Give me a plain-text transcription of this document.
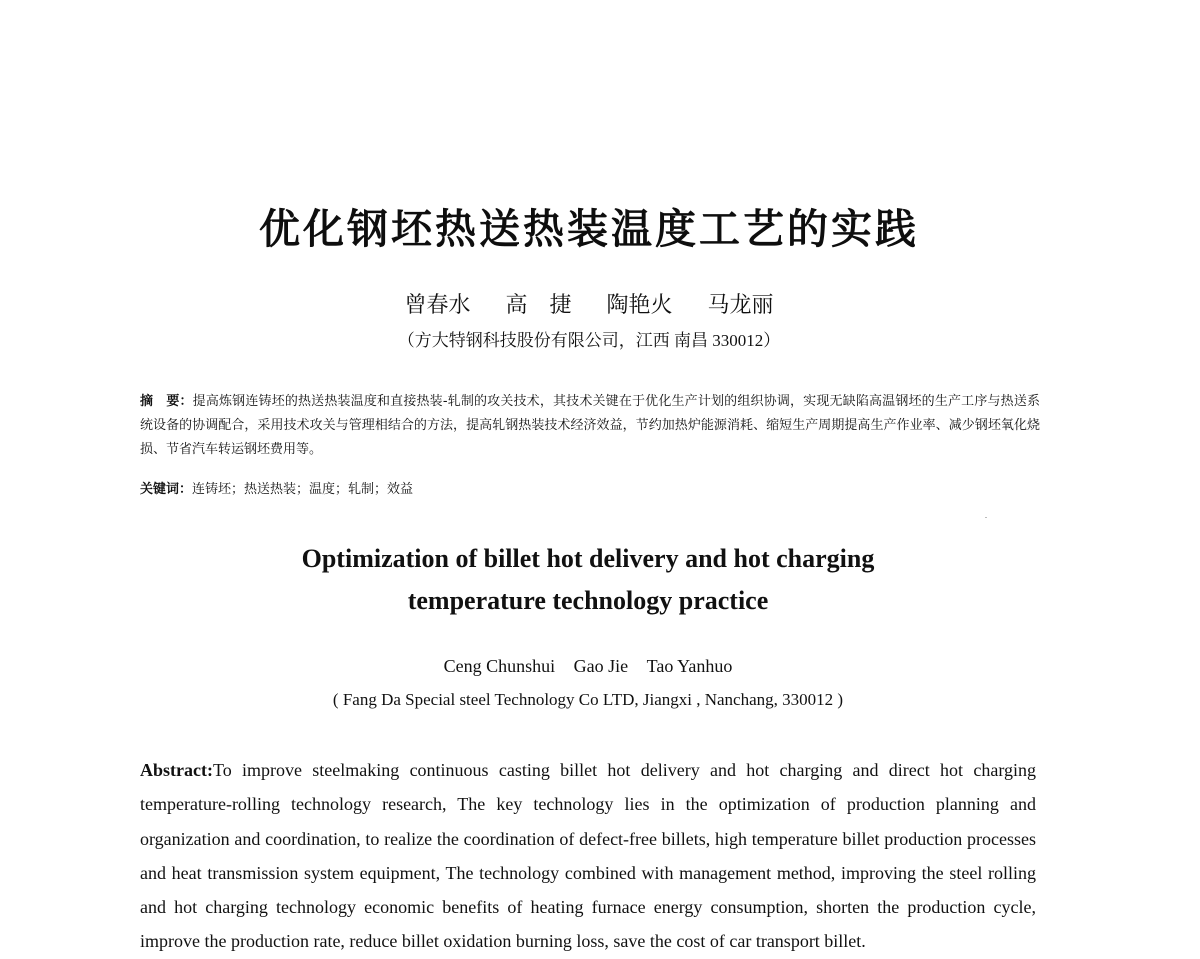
优化钢坯热送热装温度工艺的实践
曾春水 高　捷 陶艳火 马龙丽
（方大特钢科技股份有限公司，江西 南昌 330012）
摘　要：提高炼钢连铸坯的热送热装温度和直接热装-轧制的攻关技术，其技术关键在于优化生产计划的组织协调，实现无缺陷高温钢坯的生产工序与热送系统设备的协调配合，采用技术攻关与管理相结合的方法，提高轧钢热装技术经济效益，节约加热炉能源消耗、缩短生产周期提高生产作业率、减少钢坯氧化烧损、节省汽车转运钢坯费用等。
关键词：连铸坯；热送热装；温度；轧制；效益
Optimization of billet hot delivery and hot charging
temperature technology practice
Ceng Chunshui Gao Jie Tao Yanhuo
( Fang Da Special steel Technology Co LTD, Jiangxi , Nanchang, 330012 )
Abstract:To improve steelmaking continuous casting billet hot delivery and hot charging and direct hot charging temperature-rolling technology research, The key technology lies in the optimization of production planning and organization and coordination, to realize the coordination of defect-free billets, high temperature billet production processes and heat transmission system equipment, The technology combined with management method, improving the steel rolling and hot charging technology economic benefits of heating furnace energy consumption, shorten the production cycle, improve the production rate, reduce billet oxidation burning loss, save the cost of car transport billet.
